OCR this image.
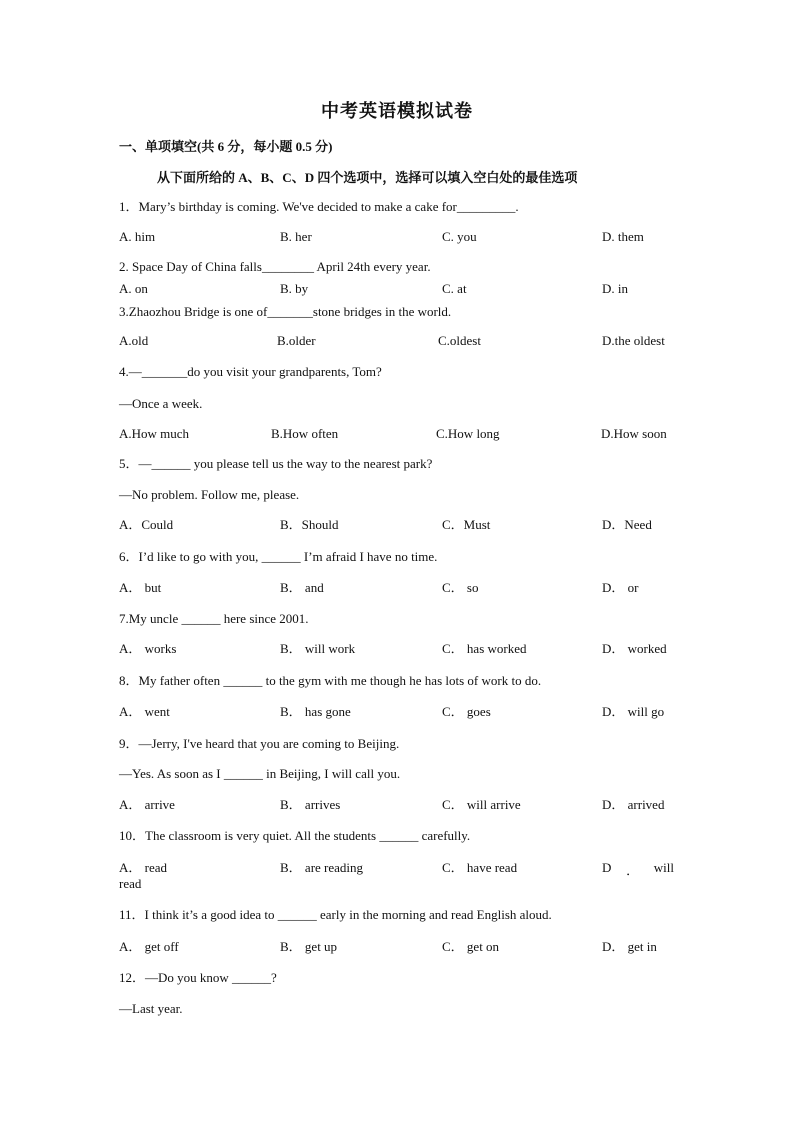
中考英语模拟试卷
一、单项填空(共 6 分，每小题 0.5 分)
从下面所给的 A、B、C、D 四个选项中，选择可以填入空白处的最佳选项
1．Mary’s birthday is coming. We've decided to make a cake for_________.
A. him	B. her	C. you	D. them
2. Space Day of China falls________ April 24th every year.
A. on	B. by	C. at	D. in
3.Zhaozhou Bridge is one of_______stone bridges in the world.
A.old	B.older	C.oldest	D.the oldest
4.—_______do you visit your grandparents, Tom?
—Once a week.
A.How much	B.How often	C.How long	D.How soon
5．—______ you please tell us the way to the nearest park?
—No problem. Follow me, please.
A．Could	B．Should	C．Must	D．Need
6．I’d like to go with you, ______ I’m afraid I have no time.
A． but	B． and	C． so	D． or
7.My uncle ______ here since 2001.
A． works	B． will work	C． has worked	D． worked
8．My father often ______ to the gym with me though he has lots of work to do.
A． went	B． has gone	C． goes	D． will go
9．—Jerry, I've heard that you are coming to Beijing.
—Yes. As soon as I ______ in Beijing, I will call you.
A． arrive	B． arrives	C． will arrive	D． arrived
10．The classroom is very quiet. All the students ______ carefully.
A． read	B． are reading	C． have read	D ． will
read
11．I think it’s a good idea to ______ early in the morning and read English aloud.
A． get off	B． get up	C． get on	D． get in
12．—Do you know ______?
—Last year.
